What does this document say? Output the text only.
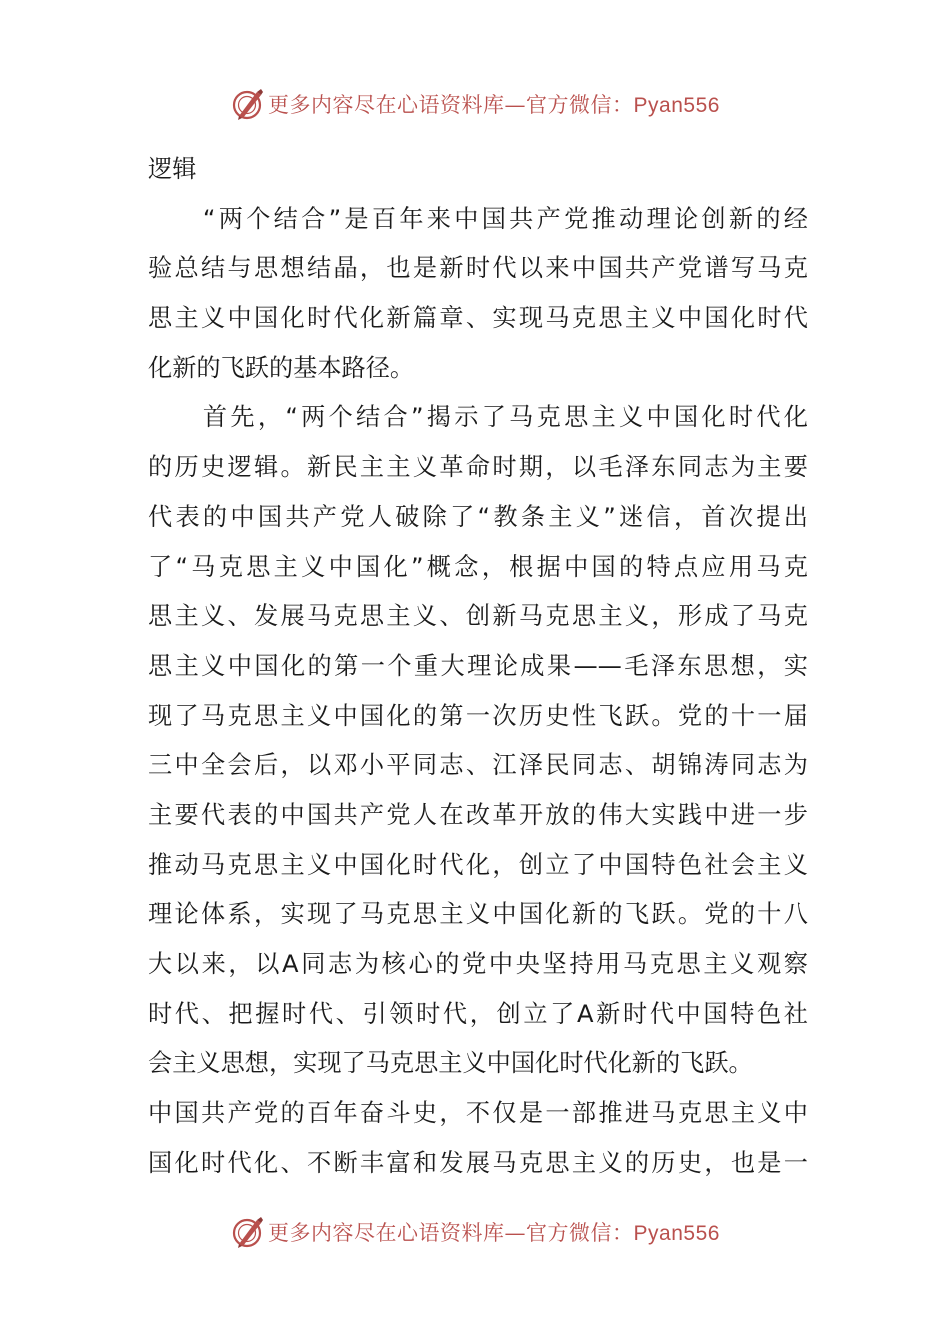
更多内容尽在心语资料库—官方微信：Pyan556
逻辑
　　“两个结合”是百年来中国共产党推动理论创新的经
验总结与思想结晶，也是新时代以来中国共产党谱写马克
思主义中国化时代化新篇章、实现马克思主义中国化时代
化新的飞跃的基本路径。
　　首先，“两个结合”揭示了马克思主义中国化时代化
的历史逻辑。新民主主义革命时期，以毛泽东同志为主要
代表的中国共产党人破除了“教条主义”迷信，首次提出
了“马克思主义中国化”概念，根据中国的特点应用马克
思主义、发展马克思主义、创新马克思主义，形成了马克
思主义中国化的第一个重大理论成果——毛泽东思想，实
现了马克思主义中国化的第一次历史性飞跃。党的十一届
三中全会后，以邓小平同志、江泽民同志、胡锦涛同志为
主要代表的中国共产党人在改革开放的伟大实践中进一步
推动马克思主义中国化时代化，创立了中国特色社会主义
理论体系，实现了马克思主义中国化新的飞跃。党的十八
大以来，以A同志为核心的党中央坚持用马克思主义观察
时代、把握时代、引领时代，创立了A新时代中国特色社
会主义思想，实现了马克思主义中国化时代化新的飞跃。
中国共产党的百年奋斗史，不仅是一部推进马克思主义中
国化时代化、不断丰富和发展马克思主义的历史，也是一
更多内容尽在心语资料库—官方微信：Pyan556
